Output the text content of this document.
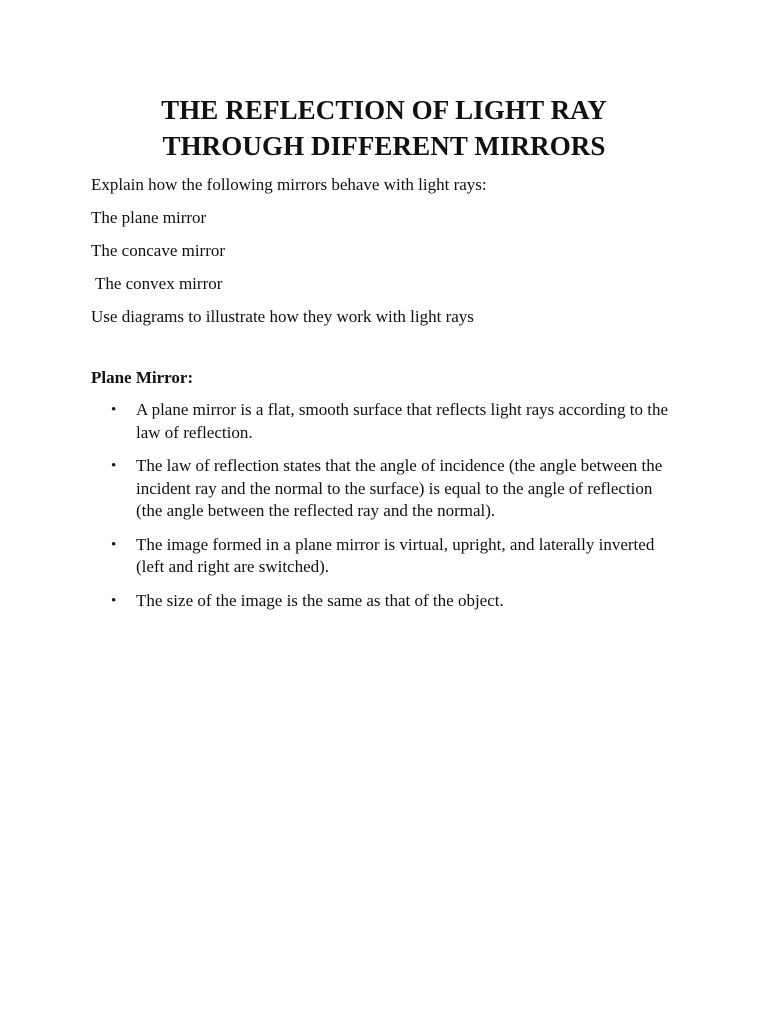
THE REFLECTION OF LIGHT RAY
THROUGH DIFFERENT MIRRORS

Explain how the following mirrors behave with light rays:

The plane mirror

The concave mirror

The convex mirror

Use diagrams to illustrate how they work with light rays

Plane Mirror:
• A plane mirror is a flat, smooth surface that reflects light rays according to the law of reflection.
• The law of reflection states that the angle of incidence (the angle between the incident ray and the normal to the surface) is equal to the angle of reflection (the angle between the reflected ray and the normal).
• The image formed in a plane mirror is virtual, upright, and laterally inverted (left and right are switched).
• The size of the image is the same as that of the object.
